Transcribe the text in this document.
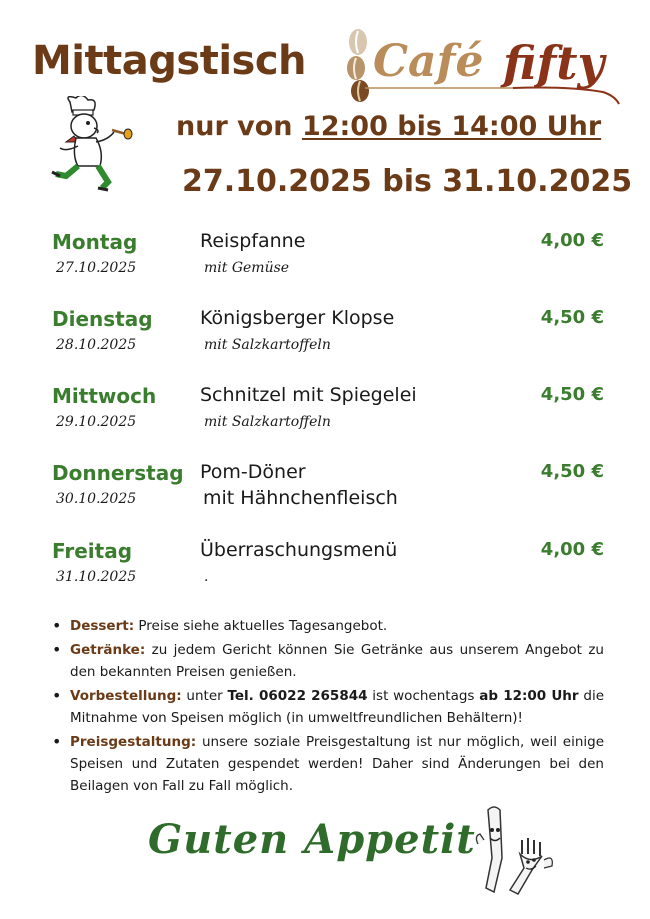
Mittagstisch Café fifty
nur von 12:00 bis 14:00 Uhr
27.10.2025 bis 31.10.2025
Montag
27.10.2025
Reispfanne
mit Gemüse
4,00 €
Dienstag
28.10.2025
Königsberger Klopse
mit Salzkartoffeln
4,50 €
Mittwoch
29.10.2025
Schnitzel mit Spiegelei
mit Salzkartoffeln
4,50 €
Donnerstag
30.10.2025
Pom-Döner
mit Hähnchenfleisch
4,50 €
Freitag
31.10.2025
Überraschungsmenü
.
4,00 €
• Dessert: Preise siehe aktuelles Tagesangebot.
• Getränke: zu jedem Gericht können Sie Getränke aus unserem Angebot zu den bekannten Preisen genießen.
• Vorbestellung: unter Tel. 06022 265844 ist wochentags ab 12:00 Uhr die Mitnahme von Speisen möglich (in umweltfreundlichen Behältern)!
• Preisgestaltung: unsere soziale Preisgestaltung ist nur möglich, weil einige Speisen und Zutaten gespendet werden! Daher sind Änderungen bei den Beilagen von Fall zu Fall möglich.
Guten Appetit
